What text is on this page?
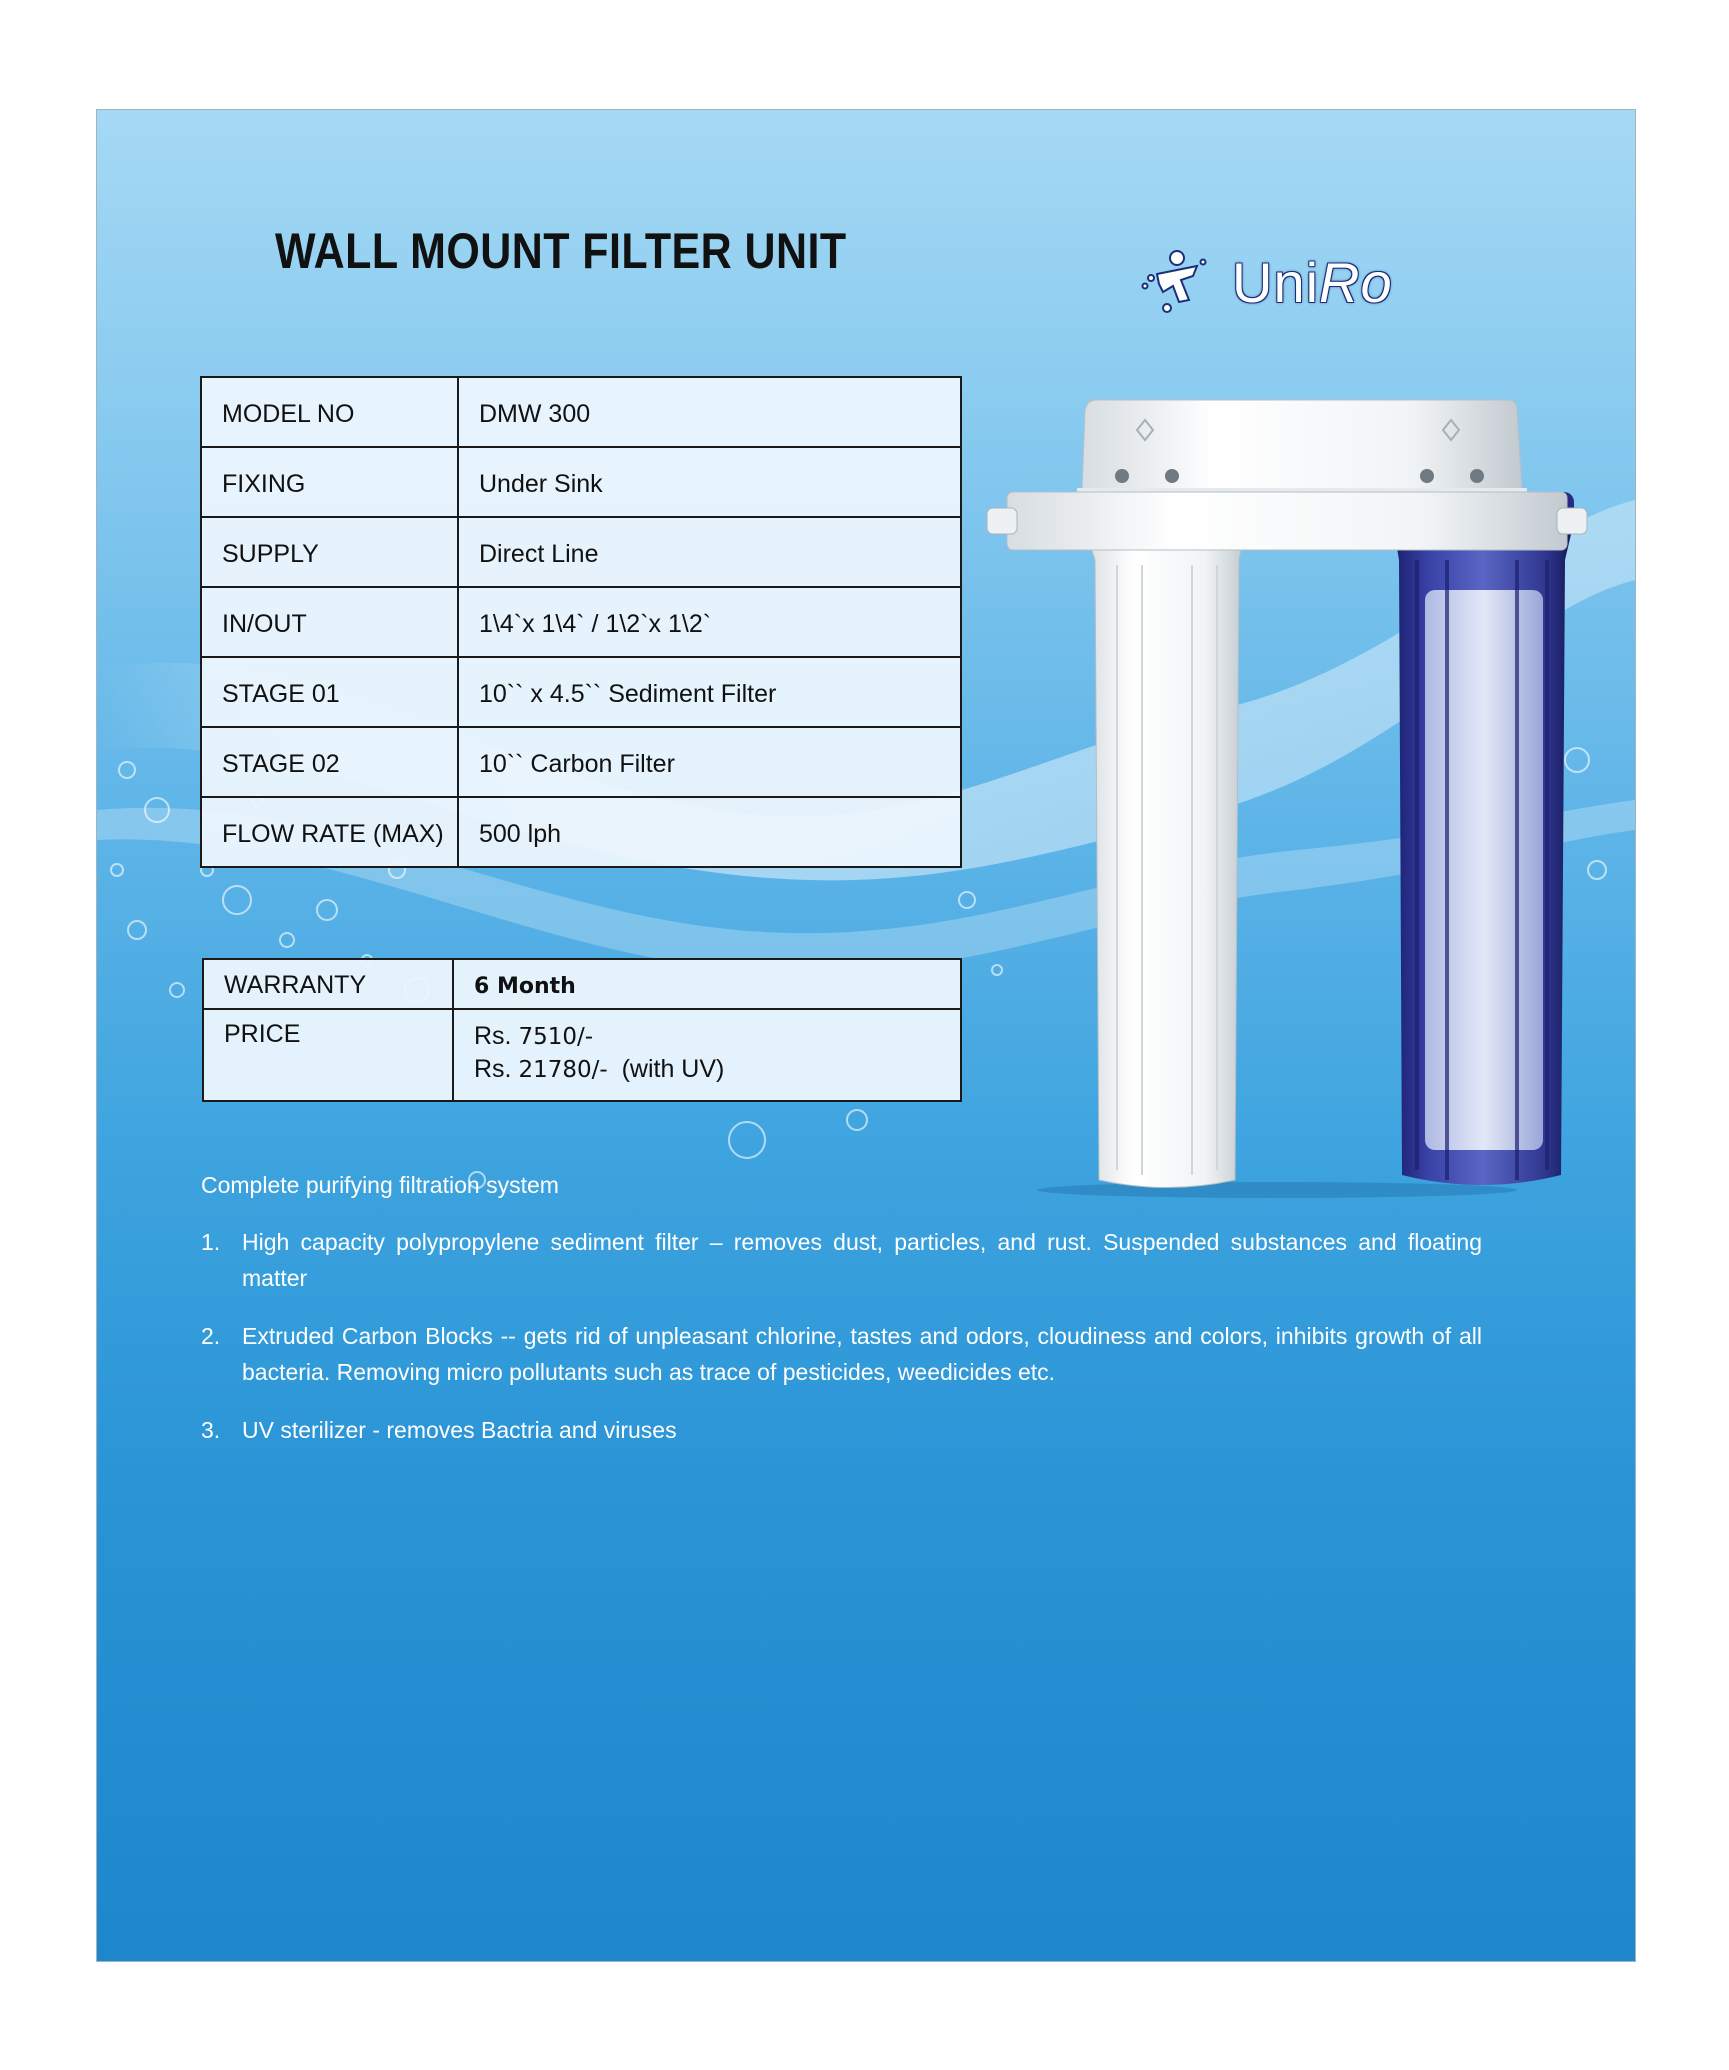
WALL MOUNT FILTER UNIT	UniRo
MODEL NO	DMW 300
FIXING	Under Sink
SUPPLY	Direct Line
IN/OUT	1\4`x 1\4` / 1\2`x 1\2`
STAGE 01	10`` x 4.5`` Sediment Filter
STAGE 02	10`` Carbon Filter
FLOW RATE (MAX)	500 lph
WARRANTY	6 Month
PRICE	Rs. 7510/-
Rs. 21780/- (with UV)

Complete purifying filtration system

1. High capacity polypropylene sediment filter – removes dust, particles, and rust. Suspended substances and floating matter
2. Extruded Carbon Blocks -- gets rid of unpleasant chlorine, tastes and odors, cloudiness and colors, inhibits growth of all bacteria. Removing micro pollutants such as trace of pesticides, weedicides etc.
3. UV sterilizer - removes Bactria and viruses
